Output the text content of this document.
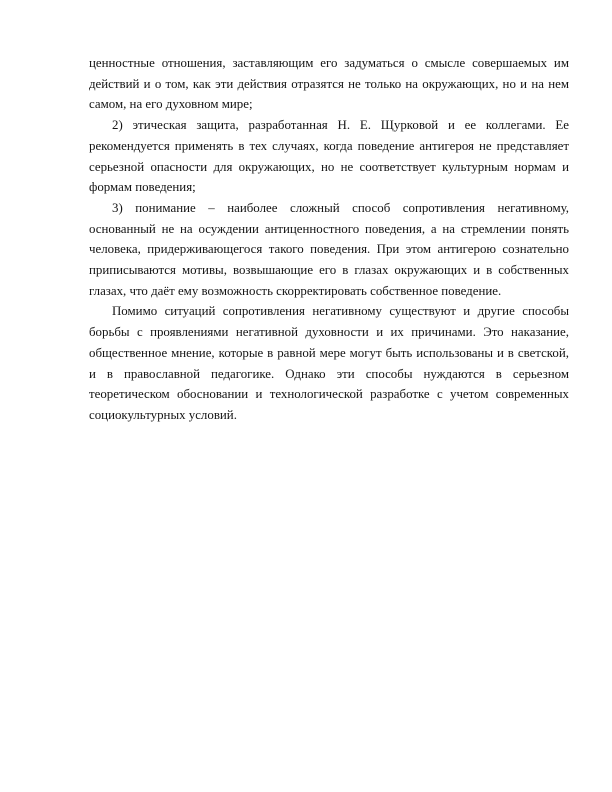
ценностные отношения, заставляющим его задуматься о смысле совершаемых им действий и о том, как эти действия отразятся не только на окружающих, но и на нем самом, на его духовном мире;

2) этическая защита, разработанная Н. Е. Щурковой и ее коллегами. Ее рекомендуется применять в тех случаях, когда поведение антигероя не представляет серьезной опасности для окружающих, но не соответствует культурным нормам и формам поведения;

3) понимание – наиболее сложный способ сопротивления негативному, основанный не на осуждении антиценностного поведения, а на стремлении понять человека, придерживающегося такого поведения. При этом антигерою сознательно приписываются мотивы, возвышающие его в глазах окружающих и в собственных глазах, что даёт ему возможность скорректировать собственное поведение.

Помимо ситуаций сопротивления негативному существуют и другие способы борьбы с проявлениями негативной духовности и их причинами. Это наказание, общественное мнение, которые в равной мере могут быть использованы и в светской, и в православной педагогике. Однако эти способы нуждаются в серьезном теоретическом обосновании и технологической разработке с учетом современных социокультурных условий.
